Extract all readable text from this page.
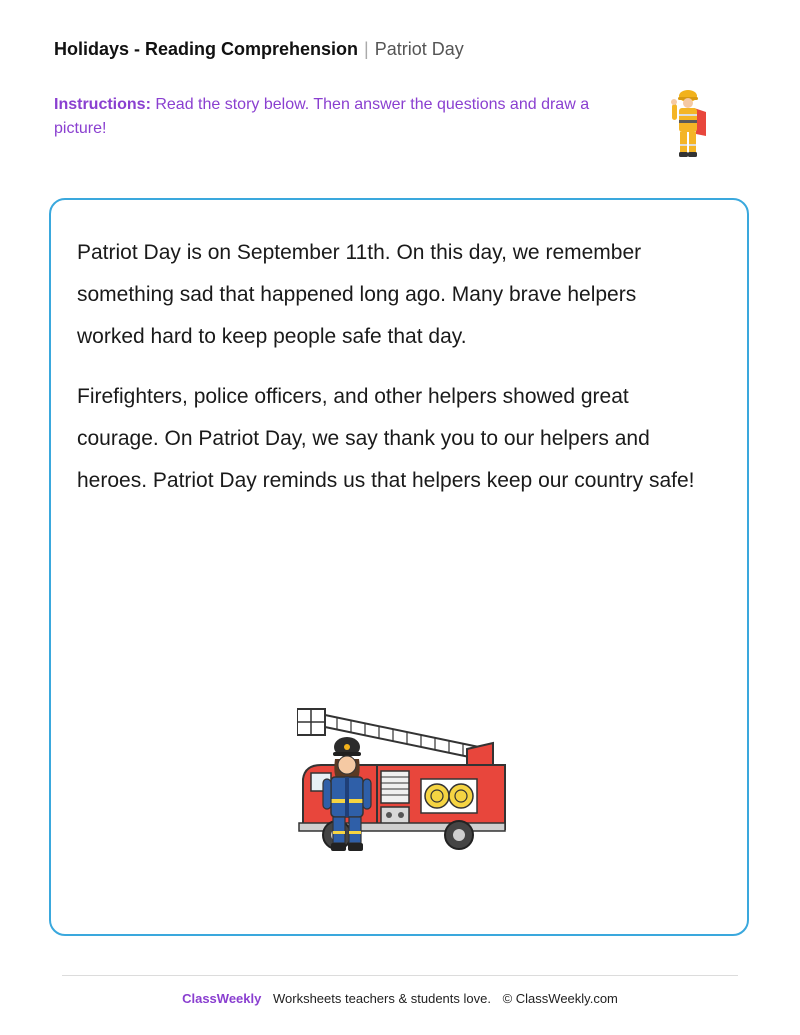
Holidays - Reading Comprehension | Patriot Day
Instructions: Read the story below. Then answer the questions and draw a picture!

Patriot Day is on September 11th. On this day, we remember something sad that happened long ago. Many brave helpers worked hard to keep people safe that day.

Firefighters, police officers, and other helpers showed great courage. On Patriot Day, we say thank you to our helpers and heroes. Patriot Day reminds us that helpers keep our country safe!

ClassWeekly Worksheets teachers & students love. © ClassWeekly.com
